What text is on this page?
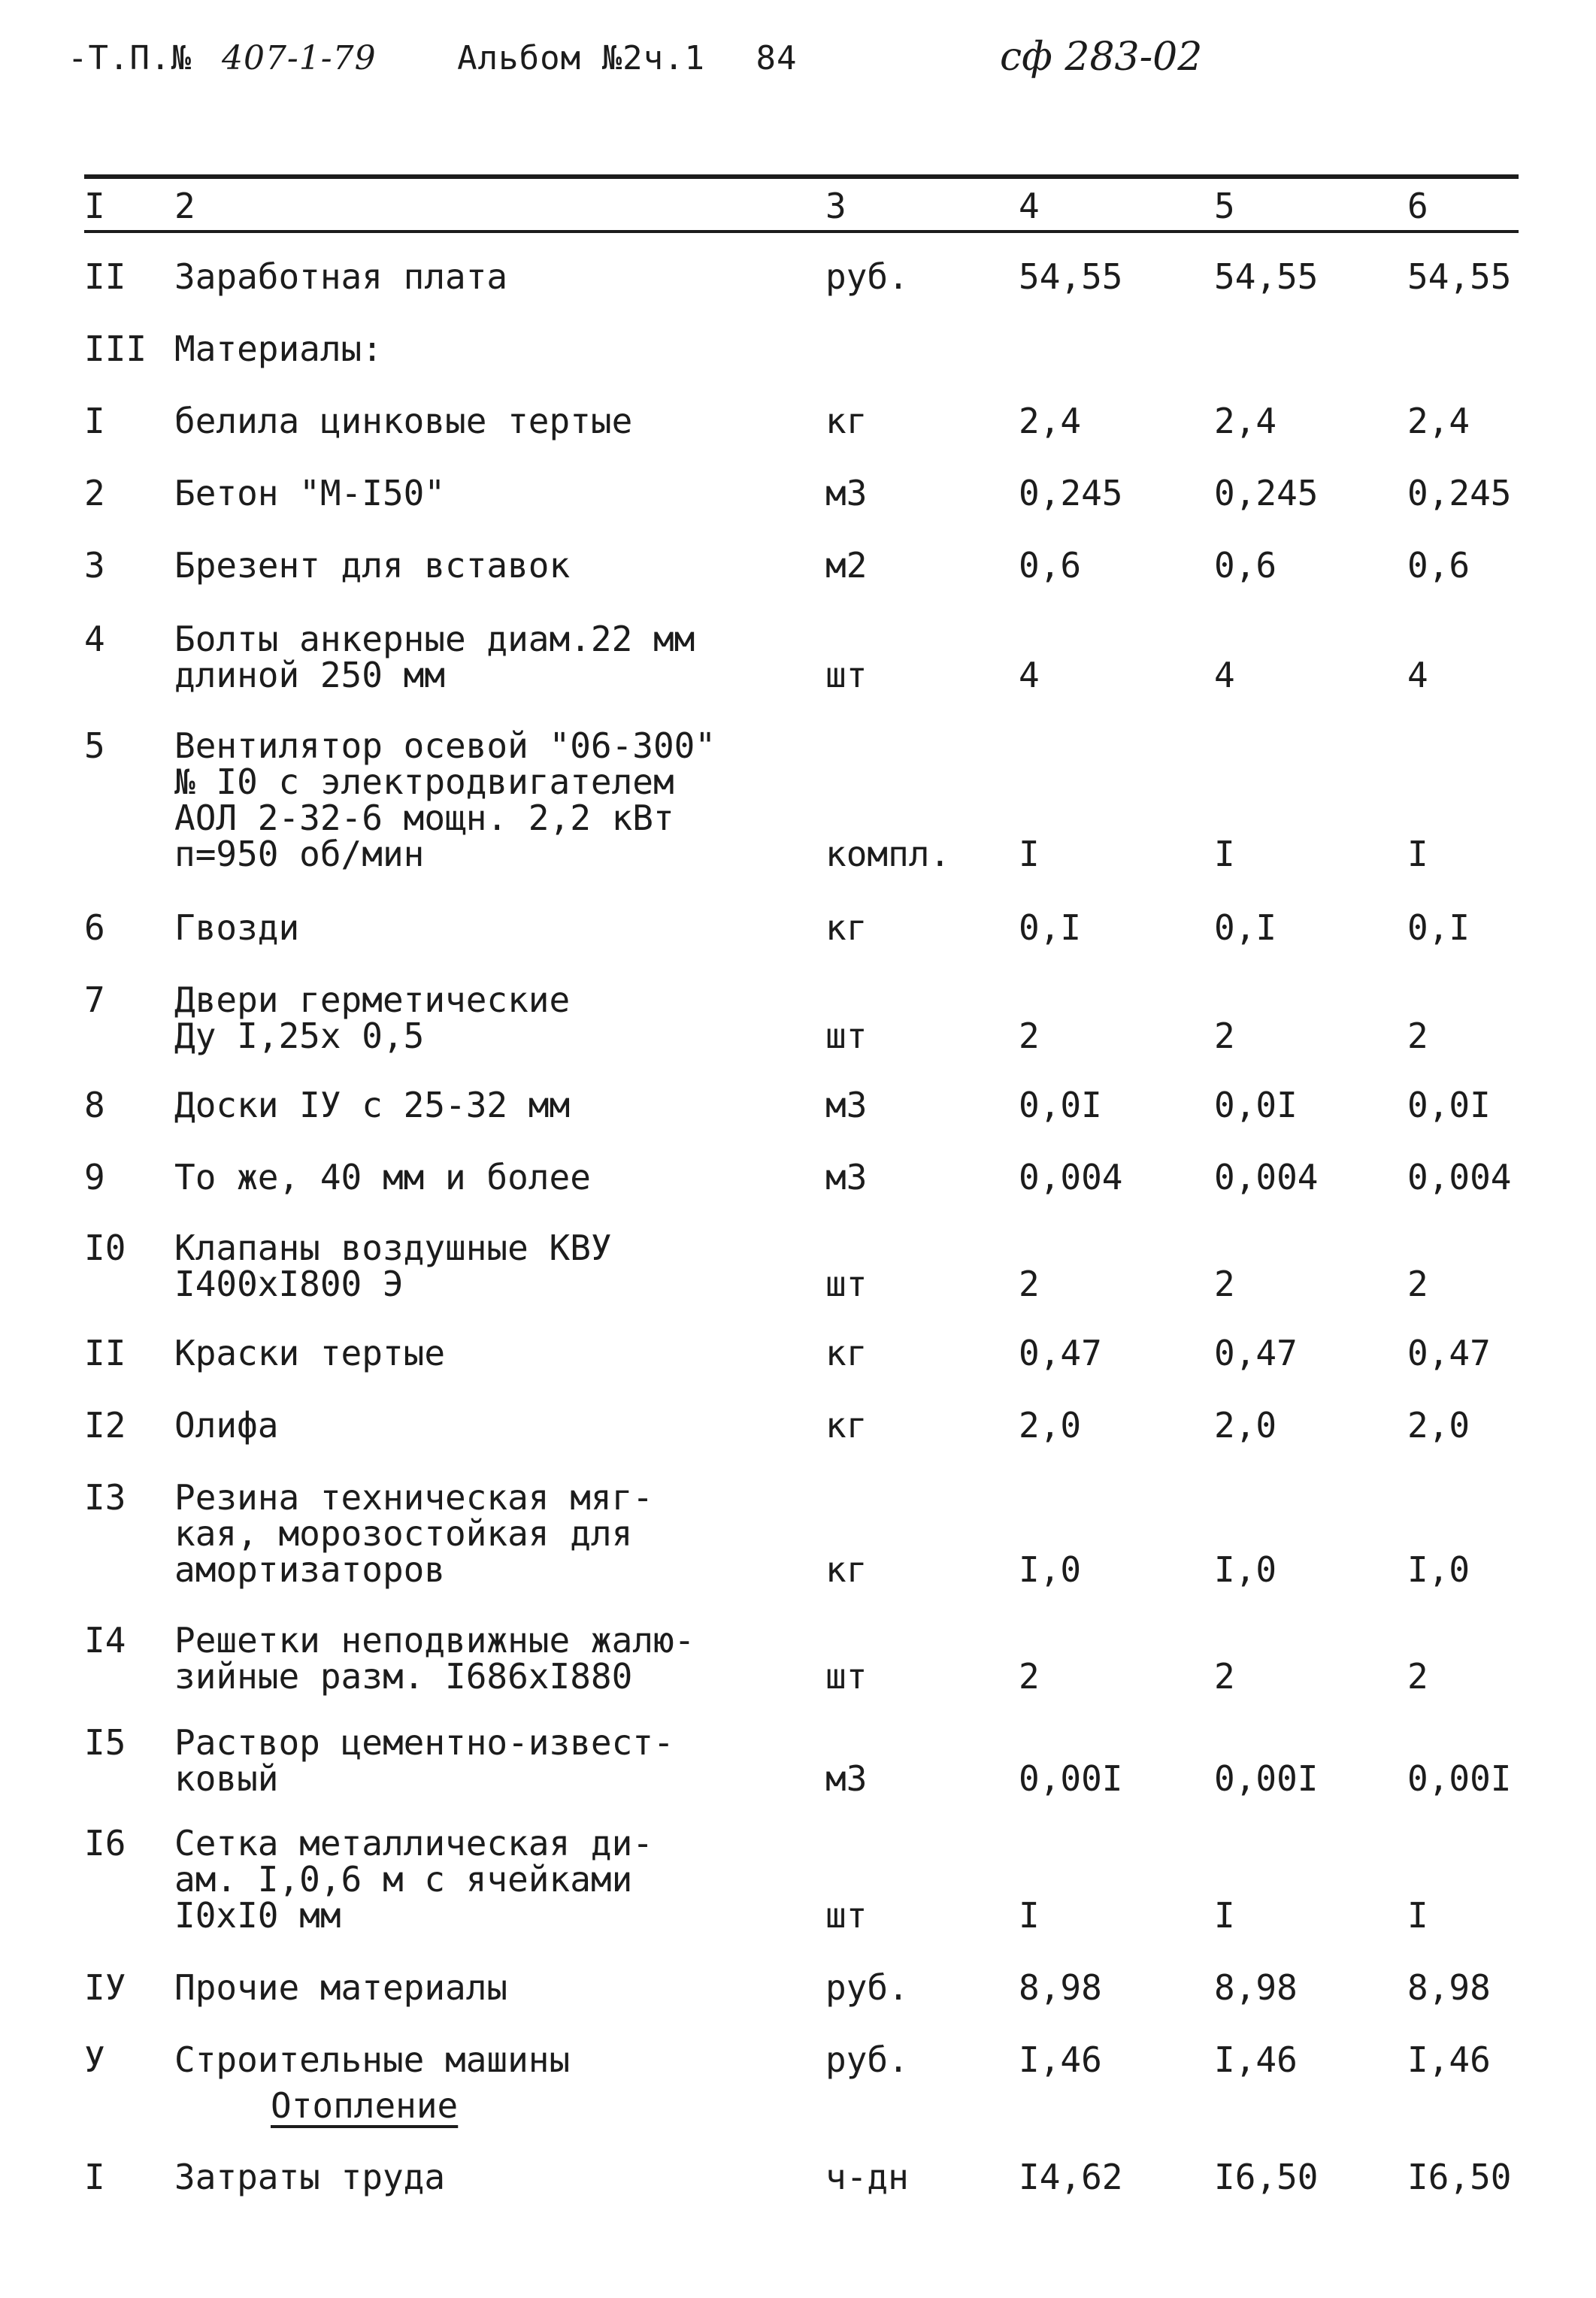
-Т.П.№ 407-1-79 Альбом №2ч.1 84	сф 283-02
I 2	3	4	5	6
II Заработная плата	руб.	54,55	54,55	54,55
III Материалы:
I белила цинковые тертые	кг	2,4	2,4	2,4
2 Бетон "М-I50"	м3	0,245	0,245	0,245
3 Брезент для вставок	м2	0,6	0,6	0,6
4 Болты анкерные диам.22 мм
длиной 250 мм	шт	4	4	4
5 Вентилятор осевой "06-300"
№ I0 с электродвигателем
АОЛ 2-32-6 мощн. 2,2 кВт
п=950 об/мин	компл. I	I	I
6 Гвозди	кг	0,I	0,I	0,I
7 Двери герметические
Ду I,25х 0,5	шт	2	2	2
8 Доски IУ с 25-32 мм	м3	0,0I	0,0I	0,0I
9 То же, 40 мм и более	м3	0,004	0,004	0,004
I0 Клапаны воздушные КВУ
I400хI800 Э	шт	2	2	2
II Краски тертые	кг	0,47	0,47	0,47
I2 Олифа	кг	2,0	2,0	2,0
I3 Резина техническая мяг-
кая, морозостойкая для
амортизаторов	кг	I,0	I,0	I,0
I4 Решетки неподвижные жалю-
зийные разм. I686хI880	шт	2	2	2
I5 Раствор цементно-извест-
ковый	м3	0,00I	0,00I	0,00I
I6 Сетка металлическая ди-
ам. I,0,6 м с ячейками
I0хI0 мм	шт	I	I	I
IУ Прочие материалы	руб.	8,98	8,98	8,98
У Строительные машины	руб.	I,46	I,46	I,46
Отопление
I Затраты труда	ч-дн	I4,62	I6,50	I6,50
